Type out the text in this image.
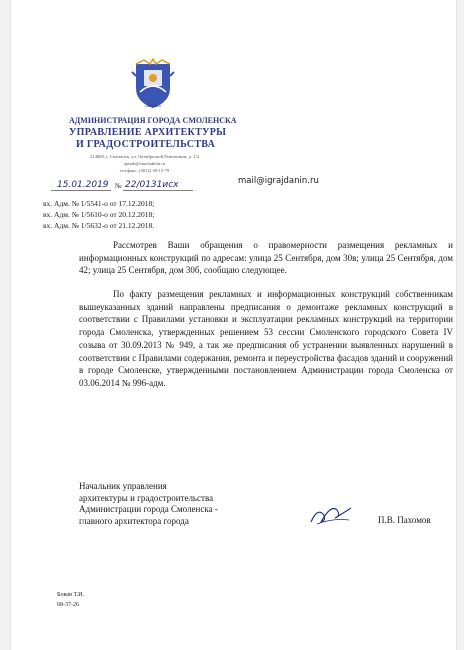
СМОЛЕНСК
АДМИНИСТРАЦИЯ ГОРОДА СМОЛЕНСКА
УПРАВЛЕНИЕ АРХИТЕКТУРЫ
И ГРАДОСТРОИТЕЛЬСТВА
214000, г. Смоленск, ул. Октябрьской Революции, д. 1/2
upratb@smoladmin.ru
тел/факс: (4812) 38-15-79
15.01.2019 № 22/0131исх	mail@igrajdanin.ru
вх. Адм. № 1/5541-о от 17.12.2018;
вх. Адм. № 1/5610-о от 20.12.2018;
вх. Адм. № 1/5632-о от 21.12.2018.
Рассмотрев Ваши обращения о правомерности размещения рекламных и информационных конструкций по адресам: улица 25 Сентября, дом 30в; улица 25 Сентября, дом 42; улица 25 Сентября, дом 30б, сообщаю следующее.
По факту размещения рекламных и информационных конструкций собственникам вышеуказанных зданий направлены предписания о демонтаже рекламных конструкций в соответствии с Правилами установки и эксплуатации рекламных конструкций на территории города Смоленска, утвержденных решением 53 сессии Смоленского городского Совета IV созыва от 30.09.2013 № 949, а так же предписания об устранении выявленных нарушений в соответствии с Правилами содержания, ремонта и переустройства фасадов зданий и сооружений в городе Смоленске, утвержденными постановлением Администрации города Смоленска от 03.06.2014 № 996-адм.
Начальник управления
архитектуры и градостроительства
Администрации города Смоленска -
главного архитектора города	П.В. Пахомов
Бован Т.И.
68-37-26
